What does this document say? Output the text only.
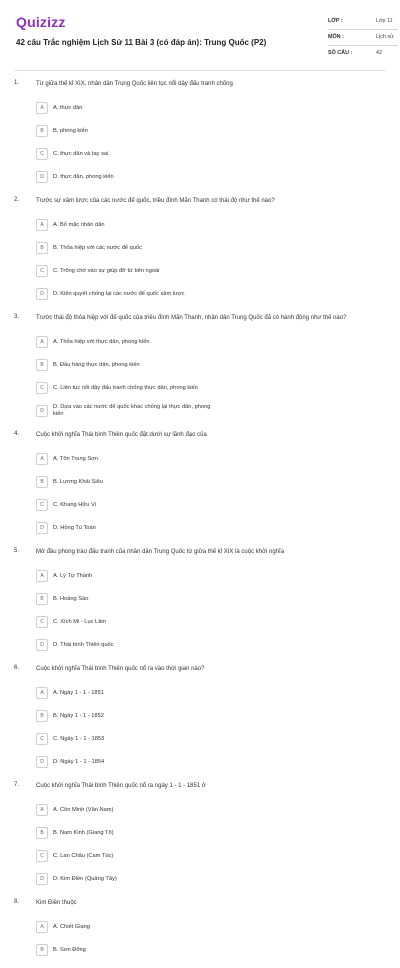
Quizizz
42 câu Trắc nghiệm Lịch Sử 11 Bài 3 (có đáp án): Trung Quốc (P2)
LỚP :	Lớp 11
MÔN :	Lịch sử
SỐ CÂU :	42
1.	Từ giữa thế kỉ XIX, nhân dân Trung Quốc liên tục nổi dậy đấu tranh chống
A	A. thực dân
B	B. phong kiến
C	C. thực dân và tay sai
D	D. thực dân, phong kiến
2.	Trước sự xâm lược của các nước đế quốc, triều đình Mãn Thanh có thái độ như thế nào?
A	A. Bỏ mặc nhân dân
B	B. Thỏa hiệp với các nước đế quốc
C	C. Trông chờ vào sự giúp đỡ từ bên ngoài
D	D. Kiên quyết chống lại các nước đế quốc xâm lược
3.	Trước thái độ thỏa hiệp với đế quốc của triều đình Mãn Thanh, nhân dân Trung Quốc đã có hành động như thế nào?
A	A. Thỏa hiệp với thực dân, phong kiến
B	B. Đầu hàng thực dân, phong kiến
C	C. Liên tục nổi dậy đấu tranh chống thực dân, phong kiến
D
D. Dựa vào các nước đế quốc khác chống lại thực dân, phong kiến
4.	Cuộc khởi nghĩa Thái bình Thiên quốc đặt dưới sự lãnh đạo của
A	A. Tôn Trung Sơn
B	B. Lương Khải Siêu
C	C. Khang Hữu Vi
D	D. Hồng Tú Toàn
5.	Mở đầu phong trào đấu tranh của nhân dân Trung Quốc từ giữa thế kỉ XIX là cuộc khởi nghĩa
A	A. Lý Tự Thành
B	B. Hoàng Sào
C	C. Xích Mi - Lục Lâm
D	D. Thái bình Thiên quốc
6.	Cuộc khởi nghĩa Thái bình Thiên quốc nổ ra vào thời gian nào?
A	A. Ngày 1 - 1 - 1851
B	B. Ngày 1 - 1 - 1852
C	C. Ngày 1 - 1 - 1853
D	D. Ngày 1 - 1 - 1854
7.	Cuộc khởi nghĩa Thái bình Thiên quốc nổ ra ngày 1 - 1 - 1851 ở
A	A. Côn Minh (Vân Nam)
B	B. Nam Kinh (Giang Tô)
C	C. Lan Châu (Cam Túc)
D	D. Kim Điền (Quảng Tây)
8.	Kim Điền thuộc
A	A. Chiết Giang
B	B. Sơn Đông
